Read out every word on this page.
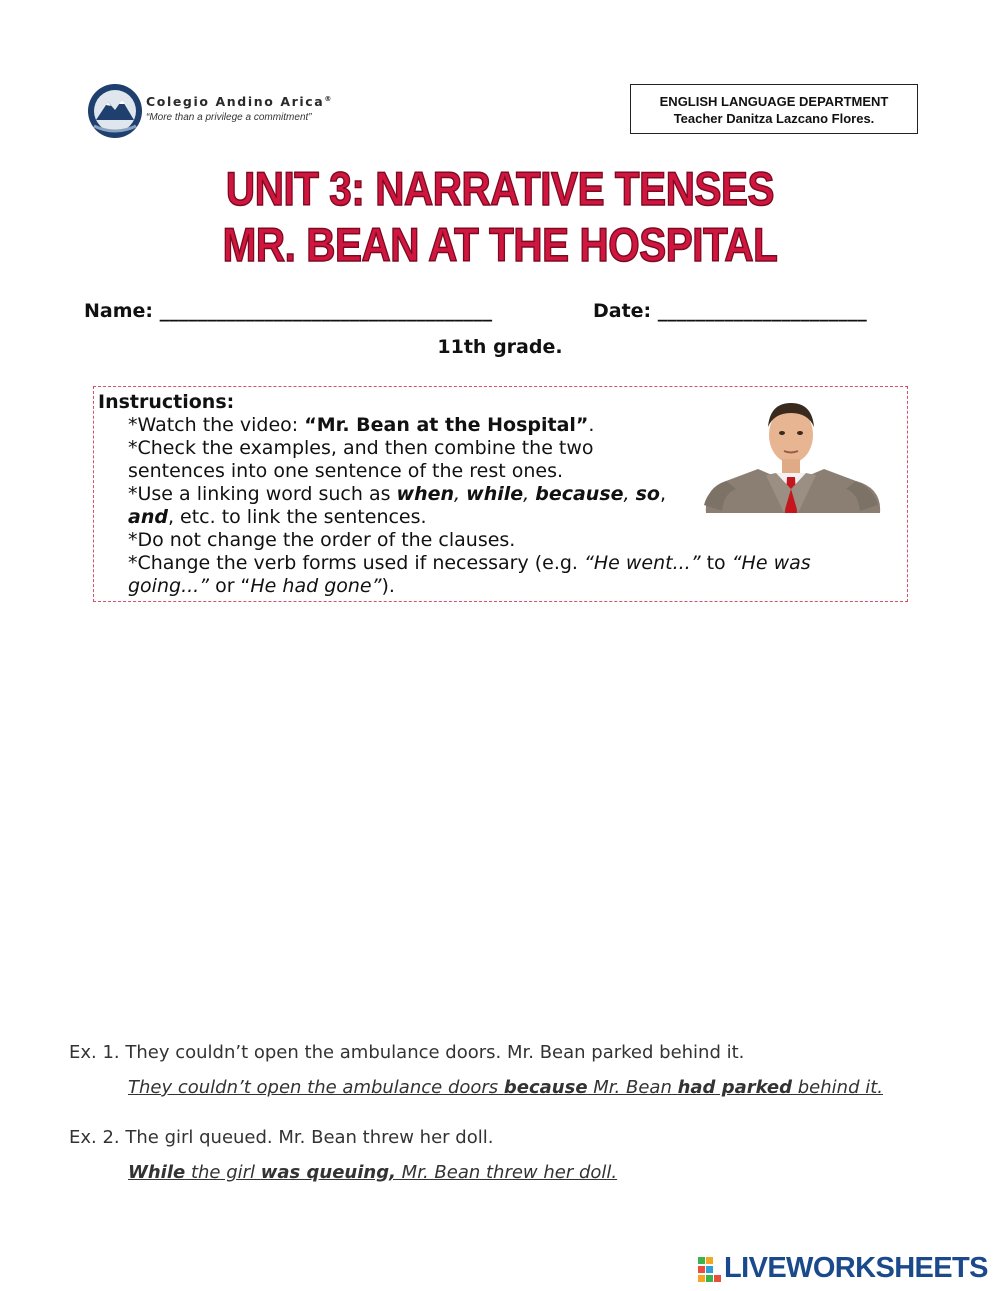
Colegio Andino Arica®
“More than a privilege a commitment”
ENGLISH LANGUAGE DEPARTMENT
Teacher Danitza Lazcano Flores.
UNIT 3: NARRATIVE TENSES
MR. BEAN AT THE HOSPITAL
Name: ___________________________________	Date: ______________________
11th grade.
Instructions:
*Watch the video: “Mr. Bean at the Hospital”.
*Check the examples, and then combine the two
sentences into one sentence of the rest ones.
*Use a linking word such as when, while, because, so,
and, etc. to link the sentences.
*Do not change the order of the clauses.
*Change the verb forms used if necessary (e.g. “He went...” to “He was
going...” or “He had gone”).
Ex. 1. They couldn’t open the ambulance doors. Mr. Bean parked behind it.
They couldn’t open the ambulance doors because Mr. Bean had parked behind it.
Ex. 2. The girl queued. Mr. Bean threw her doll.
While the girl was queuing, Mr. Bean threw her doll.
LIVEWORKSHEETS
